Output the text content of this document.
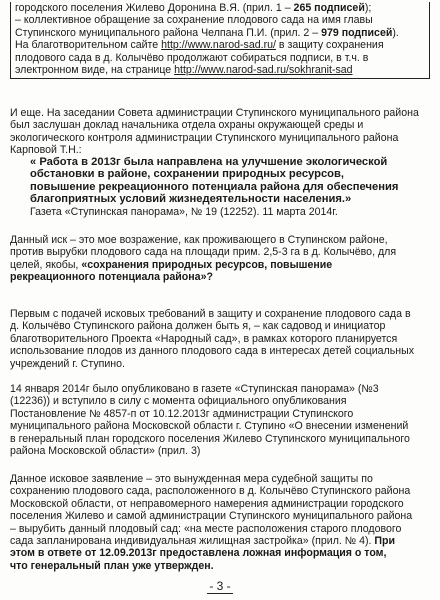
городского поселения Жилево Доронина В.Я. (прил. 1 – 265 подписей);
– коллективное обращение за сохранение плодового сада на имя главы
Ступинского муниципального района Челпана П.И. (прил. 2 – 979 подписей).
На благотворительном сайте http://www.narod-sad.ru/ в защиту сохранения
плодового сада в д. Колычёво продолжают собираться подписи, в т.ч. в
электронном виде, на странице http://www.narod-sad.ru/sokhranit-sad
И еще. На заседании Совета администрации Ступинского муниципального района
был заслушан доклад начальника отдела охраны окружающей среды и
экологического контроля администрации Ступинского муниципального района
Карповой Т.Н.:
« Работа в 2013г была направлена на улучшение экологической
обстановки в районе, сохранении природных ресурсов,
повышение рекреационного потенциала района для обеспечения
благоприятных условий жизнедеятельности населения.»
Газета «Ступинская панорама», № 19 (12252). 11 марта 2014г.
Данный иск – это мое возражение, как проживающего в Ступинском районе,
против вырубки плодового сада на площади прим. 2,5-3 га в д. Колычёво, для
целей, якобы, «сохранения природных ресурсов, повышение
рекреационного потенциала района»?
Первым с подачей исковых требований в защиту и сохранение плодового сада в
д. Колычёво Ступинского района должен быть я, – как садовод и инициатор
благотворительного Проекта «Народный сад», в рамках которого планируется
использование плодов из данного плодового сада в интересах детей социальных
учреждений г. Ступино.
14 января 2014г было опубликовано в газете «Ступинская панорама» (№3
(12236)) и вступило в силу с момента официального опубликования
Постановление № 4857-п от 10.12.2013г администрации Ступинского
муниципального района Московской области г. Ступино «О внесении изменений
в генеральный план городского поселения Жилево Ступинского муниципального
района Московской области» (прил. 3)
Данное исковое заявление – это вынужденная мера судебной защиты по
сохранению плодового сада, расположенного в д. Колычёво Ступинского района
Московской области, от неправомерного намерения администрации городского
поселения Жилево и самой администрации Ступинского муниципального района
– вырубить данный плодовый сад: «на месте расположения старого плодового
сада запланирована индивидуальная жилищная застройка» (прил. № 4). При
этом в ответе от 12.09.2013г предоставлена ложная информация о том,
что генеральный план уже утвержден.
- 3 -
